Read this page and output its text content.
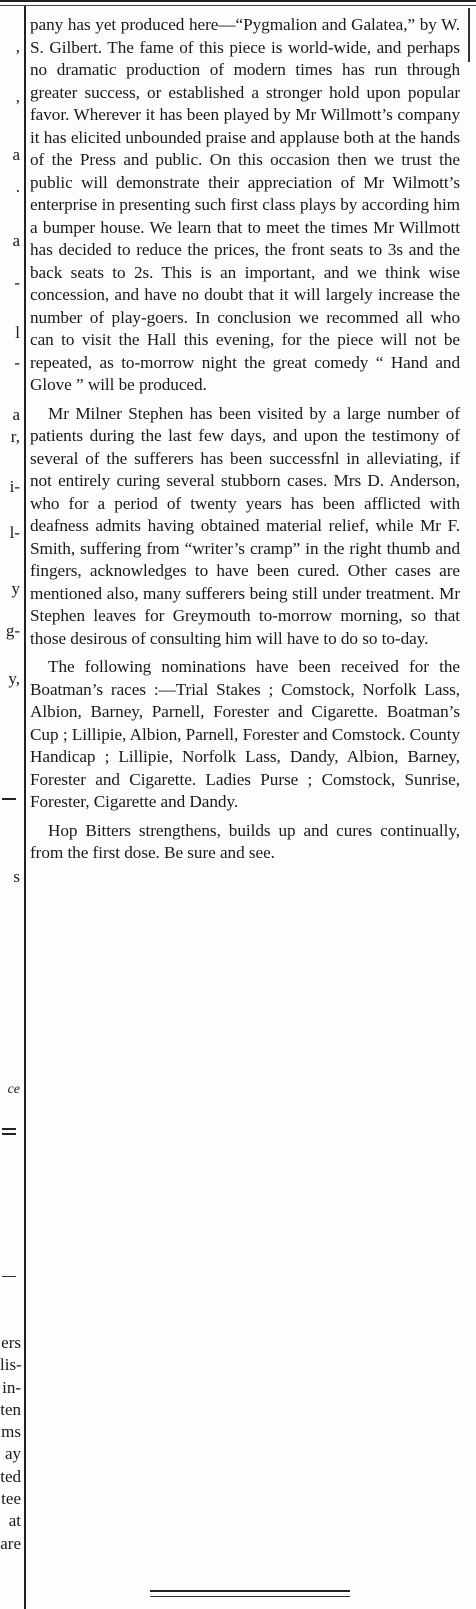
,
,
a
.
a
-
l
-
a
r,
i-
l-
y
g-
y,
s
ce
ers
lis-
in-
ten
ms
ay
ted
tee
at
are

pany has yet produced here—“Pygmalion and Galatea,” by W. S. Gilbert. The fame of this piece is world-wide, and perhaps no dramatic production of modern times has run through greater success, or established a stronger hold upon popular favor. Wherever it has been played by Mr Willmott’s company it has elicited unbounded praise and applause both at the hands of the Press and public. On this occasion then we trust the public will demonstrate their appreciation of Mr Wilmott’s enterprise in presenting such first class plays by according him a bumper house. We learn that to meet the times Mr Willmott has decided to reduce the prices, the front seats to 3s and the back seats to 2s. This is an important, and we think wise concession, and have no doubt that it will largely increase the number of play-goers. In conclusion we recommed all who can to visit the Hall this evening, for the piece will not be repeated, as to-morrow night the great comedy “ Hand and Glove ” will be produced.

Mr Milner Stephen has been visited by a large number of patients during the last few days, and upon the testimony of several of the sufferers has been successfnl in alleviating, if not entirely curing several stubborn cases. Mrs D. Anderson, who for a period of twenty years has been afflicted with deafness admits having obtained material relief, while Mr F. Smith, suffering from “writer’s cramp” in the right thumb and fingers, acknowledges to have been cured. Other cases are mentioned also, many sufferers being still under treatment. Mr Stephen leaves for Greymouth to-morrow morning, so that those desirous of consulting him will have to do so to-day.

The following nominations have been received for the Boatman’s races :—Trial Stakes ; Comstock, Norfolk Lass, Albion, Barney, Parnell, Forester and Cigarette. Boatman’s Cup ; Lillipie, Albion, Parnell, Forester and Comstock. County Handicap ; Lillipie, Norfolk Lass, Dandy, Albion, Barney, Forester and Cigarette. Ladies Purse ; Comstock, Sunrise, Forester, Cigarette and Dandy.

Hop Bitters strengthens, builds up and cures continually, from the first dose. Be sure and see.
